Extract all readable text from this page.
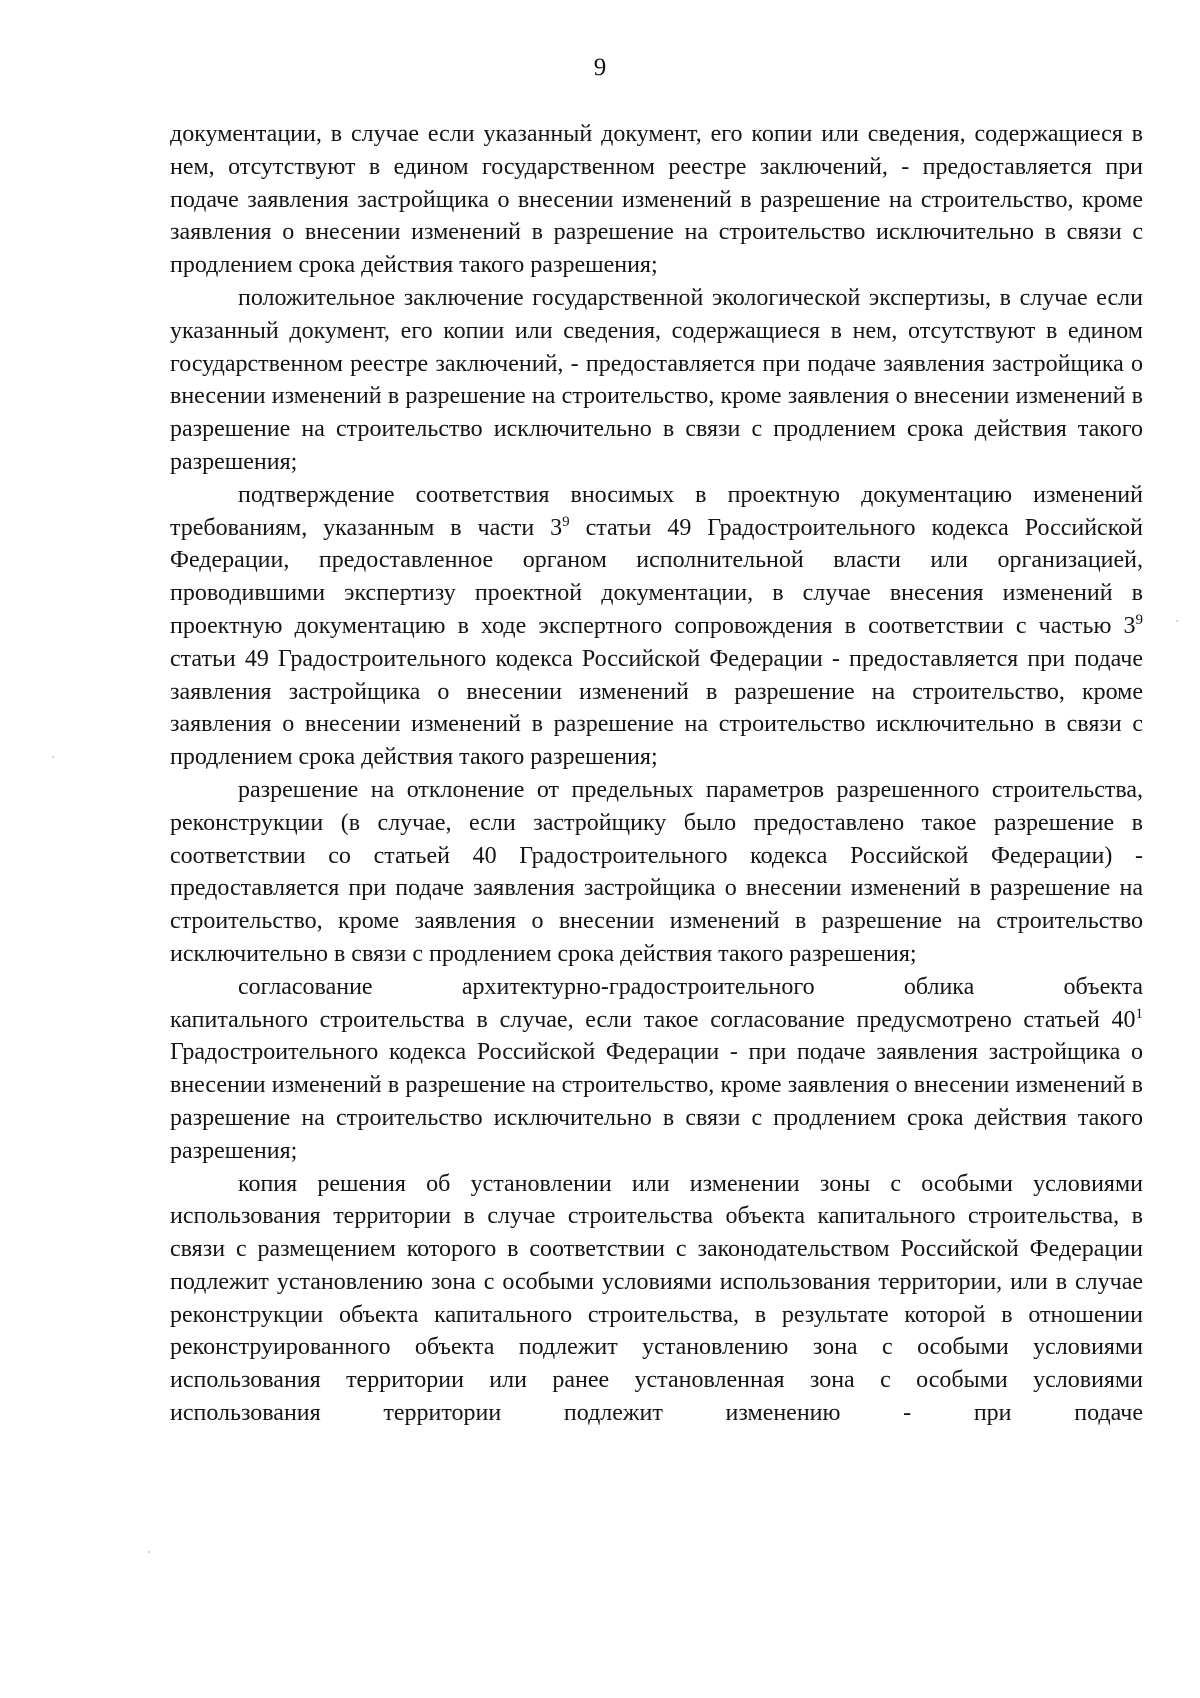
9

документации, в случае если указанный документ, его копии или сведения, содержащиеся в нем, отсутствуют в едином государственном реестре заключений, - предоставляется при подаче заявления застройщика о внесении изменений в разрешение на строительство, кроме заявления о внесении изменений в разрешение на строительство исключительно в связи с продлением срока действия такого разрешения;

положительное заключение государственной экологической экспертизы, в случае если указанный документ, его копии или сведения, содержащиеся в нем, отсутствуют в едином государственном реестре заключений, - предоставляется при подаче заявления застройщика о внесении изменений в разрешение на строительство, кроме заявления о внесении изменений в разрешение на строительство исключительно в связи с продлением срока действия такого разрешения;

подтверждение соответствия вносимых в проектную документацию изменений требованиям, указанным в части $3^9$ статьи 49 Градостроительного кодекса Российской Федерации, предоставленное органом исполнительной власти или организацией, проводившими экспертизу проектной документации, в случае внесения изменений в проектную документацию в ходе экспертного сопровождения в соответствии с частью $3^9$ статьи 49 Градостроительного кодекса Российской Федерации - предоставляется при подаче заявления застройщика о внесении изменений в разрешение на строительство, кроме заявления о внесении изменений в разрешение на строительство исключительно в связи с продлением срока действия такого разрешения;

разрешение на отклонение от предельных параметров разрешенного строительства, реконструкции (в случае, если застройщику было предоставлено такое разрешение в соответствии со статьей 40 Градостроительного кодекса Российской Федерации) - предоставляется при подаче заявления застройщика о внесении изменений в разрешение на строительство, кроме заявления о внесении изменений в разрешение на строительство исключительно в связи с продлением срока действия такого разрешения;

согласование архитектурно-градостроительного облика объекта
капитального строительства в случае, если такое согласование предусмотрено статьей $40^1$ Градостроительного кодекса Российской Федерации - при подаче заявления застройщика о внесении изменений в разрешение на строительство, кроме заявления о внесении изменений в разрешение на строительство исключительно в связи с продлением срока действия такого разрешения;

копия решения об установлении или изменении зоны с особыми условиями использования территории в случае строительства объекта капитального строительства, в связи с размещением которого в соответствии с законодательством Российской Федерации подлежит установлению зона с особыми условиями использования территории, или в случае реконструкции объекта капитального строительства, в результате которой в отношении реконструированного объекта подлежит установлению зона с особыми условиями использования территории или ранее установленная зона с особыми условиями использования территории подлежит изменению - при подаче
